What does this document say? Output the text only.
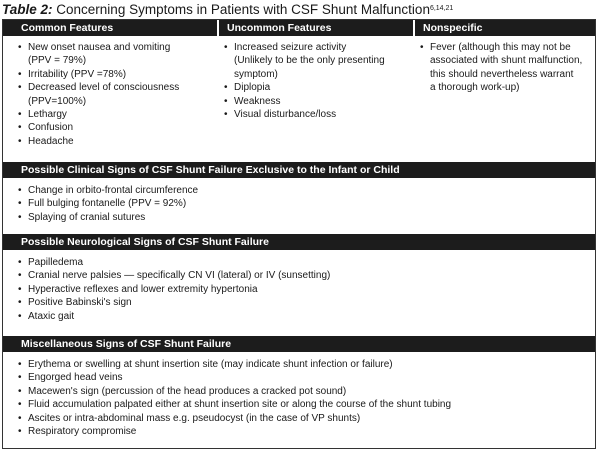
Table 2: Concerning Symptoms in Patients with CSF Shunt Malfunction$^{6,14,21}$
Common Features	Uncommon Features	Nonspecific
• New onset nausea and vomiting
(PPV = 79%)
• Irritability (PPV =78%)
• Decreased level of consciousness
(PPV=100%)
• Lethargy
• Confusion
• Headache
• Increased seizure activity
(Unlikely to be the only presenting
symptom)
• Diplopia
• Weakness
• Visual disturbance/loss
• Fever (although this may not be
associated with shunt malfunction,
this should nevertheless warrant
a thorough work-up)
Possible Clinical Signs of CSF Shunt Failure Exclusive to the Infant or Child
• Change in orbito-frontal circumference
• Full bulging fontanelle (PPV = 92%)
• Splaying of cranial sutures
Possible Neurological Signs of CSF Shunt Failure
• Papilledema
• Cranial nerve palsies — specifically CN VI (lateral) or IV (sunsetting)
• Hyperactive reflexes and lower extremity hypertonia
• Positive Babinski's sign
• Ataxic gait
Miscellaneous Signs of CSF Shunt Failure
• Erythema or swelling at shunt insertion site (may indicate shunt infection or failure)
• Engorged head veins
• Macewen's sign (percussion of the head produces a cracked pot sound)
• Fluid accumulation palpated either at shunt insertion site or along the course of the shunt tubing
• Ascites or intra-abdominal mass e.g. pseudocyst (in the case of VP shunts)
• Respiratory compromise
